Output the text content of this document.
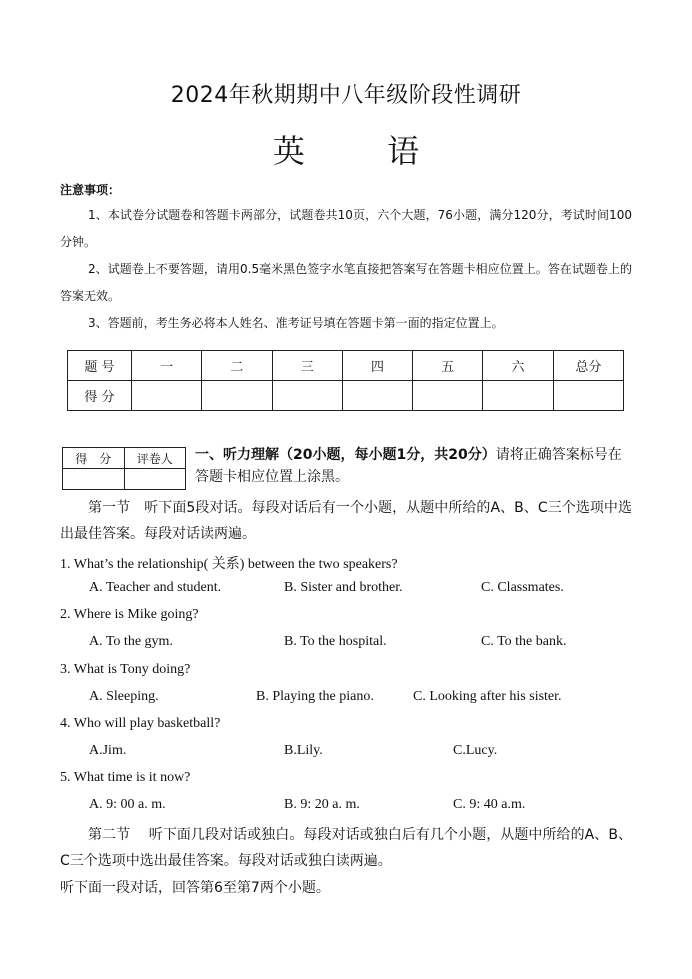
2024年秋期期中八年级阶段性调研
英 语
注意事项：
1、本试卷分试题卷和答题卡两部分，试题卷共10页，六个大题，76小题，满分120分，考试时间100分钟。
2、试题卷上不要答题，请用0.5毫米黑色签字水笔直接把答案写在答题卡相应位置上。答在试题卷上的答案无效。
3、答题前，考生务必将本人姓名、准考证号填在答题卡第一面的指定位置上。
题 号	一	二	三	四	五	六	总分
得 分							
得　分	评卷人
	一、听力理解（20小题，每小题1分，共20分）请将正确答案标号在答题卡相应位置上涂黑。
第一节　听下面5段对话。每段对话后有一个小题，从题中所给的A、B、C三个选项中选出最佳答案。每段对话读两遍。
1. What’s the relationship( 关系) between the two speakers?
A. Teacher and student.	B. Sister and brother.	C. Classmates.
2. Where is Mike going?
A. To the gym.	B. To the hospital.	C. To the bank.
3. What is Tony doing?
A. Sleeping.	B. Playing the piano.	C. Looking after his sister.
4. Who will play basketball?
A.Jim.	B.Lily.	C.Lucy.
5. What time is it now?
A. 9: 00 a. m.	B. 9: 20 a. m.	C. 9: 40 a.m.
第二节　 听下面几段对话或独白。每段对话或独白后有几个小题，从题中所给的A、B、C三个选项中选出最佳答案。每段对话或独白读两遍。
听下面一段对话，回答第6至第7两个小题。
